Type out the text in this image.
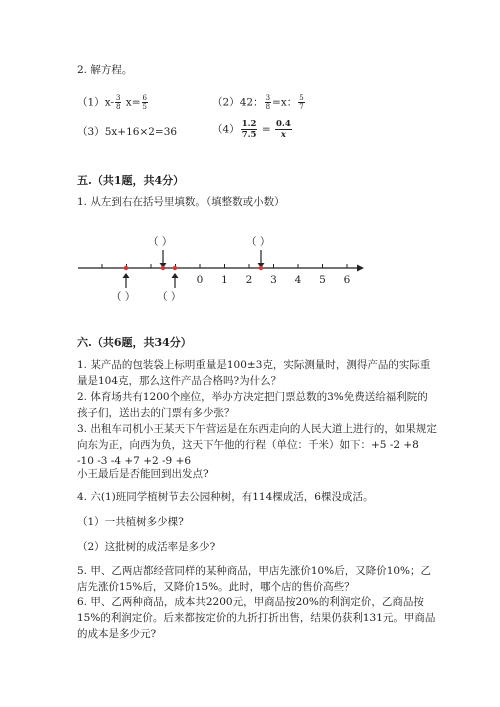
2. 解方程。
$(1)x- \frac{3}{8} x= \frac{6}{5}$	（2）42： $\frac{3}{8} =x$： $\frac{5}{7}$
（3）5x+16×2=36	$(4) \frac{1.2}{7.5} = \frac{0.4}{x}$
五.（共1题，共4分）
1. 从左到右在括号里填数。（填整数或小数）
（ ）	（ ）
（ ） （ ）
0 1 2 3 4 5 6
六.（共6题，共34分）
1. 某产品的包装袋上标明重量是100±3克，实际测量时，测得产品的实际重量是104克，那么这件产品合格吗?为什么？
2. 体育场共有1200个座位，举办方决定把门票总数的3%免费送给福利院的孩子们，送出去的门票有多少张？
3. 出租车司机小王某天下午营运是在东西走向的人民大道上进行的，如果规定向东为正，向西为负，这天下午他的行程（单位：千米）如下：+5 -2 +8 -10 -3 -4 +7 +2 -9 +6
小王最后是否能回到出发点?
4. 六(1)班同学植树节去公园种树，有114棵成活，6棵没成活。
（1）一共植树多少棵?
（2）这批树的成活率是多少?
5. 甲、乙两店都经营同样的某种商品，甲店先涨价10%后，又降价10%；乙店先涨价15%后，又降价15%。此时，哪个店的售价高些？
6. 甲、乙两种商品，成本共2200元，甲商品按20%的利润定价，乙商品按15%的利润定价。后来都按定价的九折打折出售，结果仍获利131元。甲商品的成本是多少元?
